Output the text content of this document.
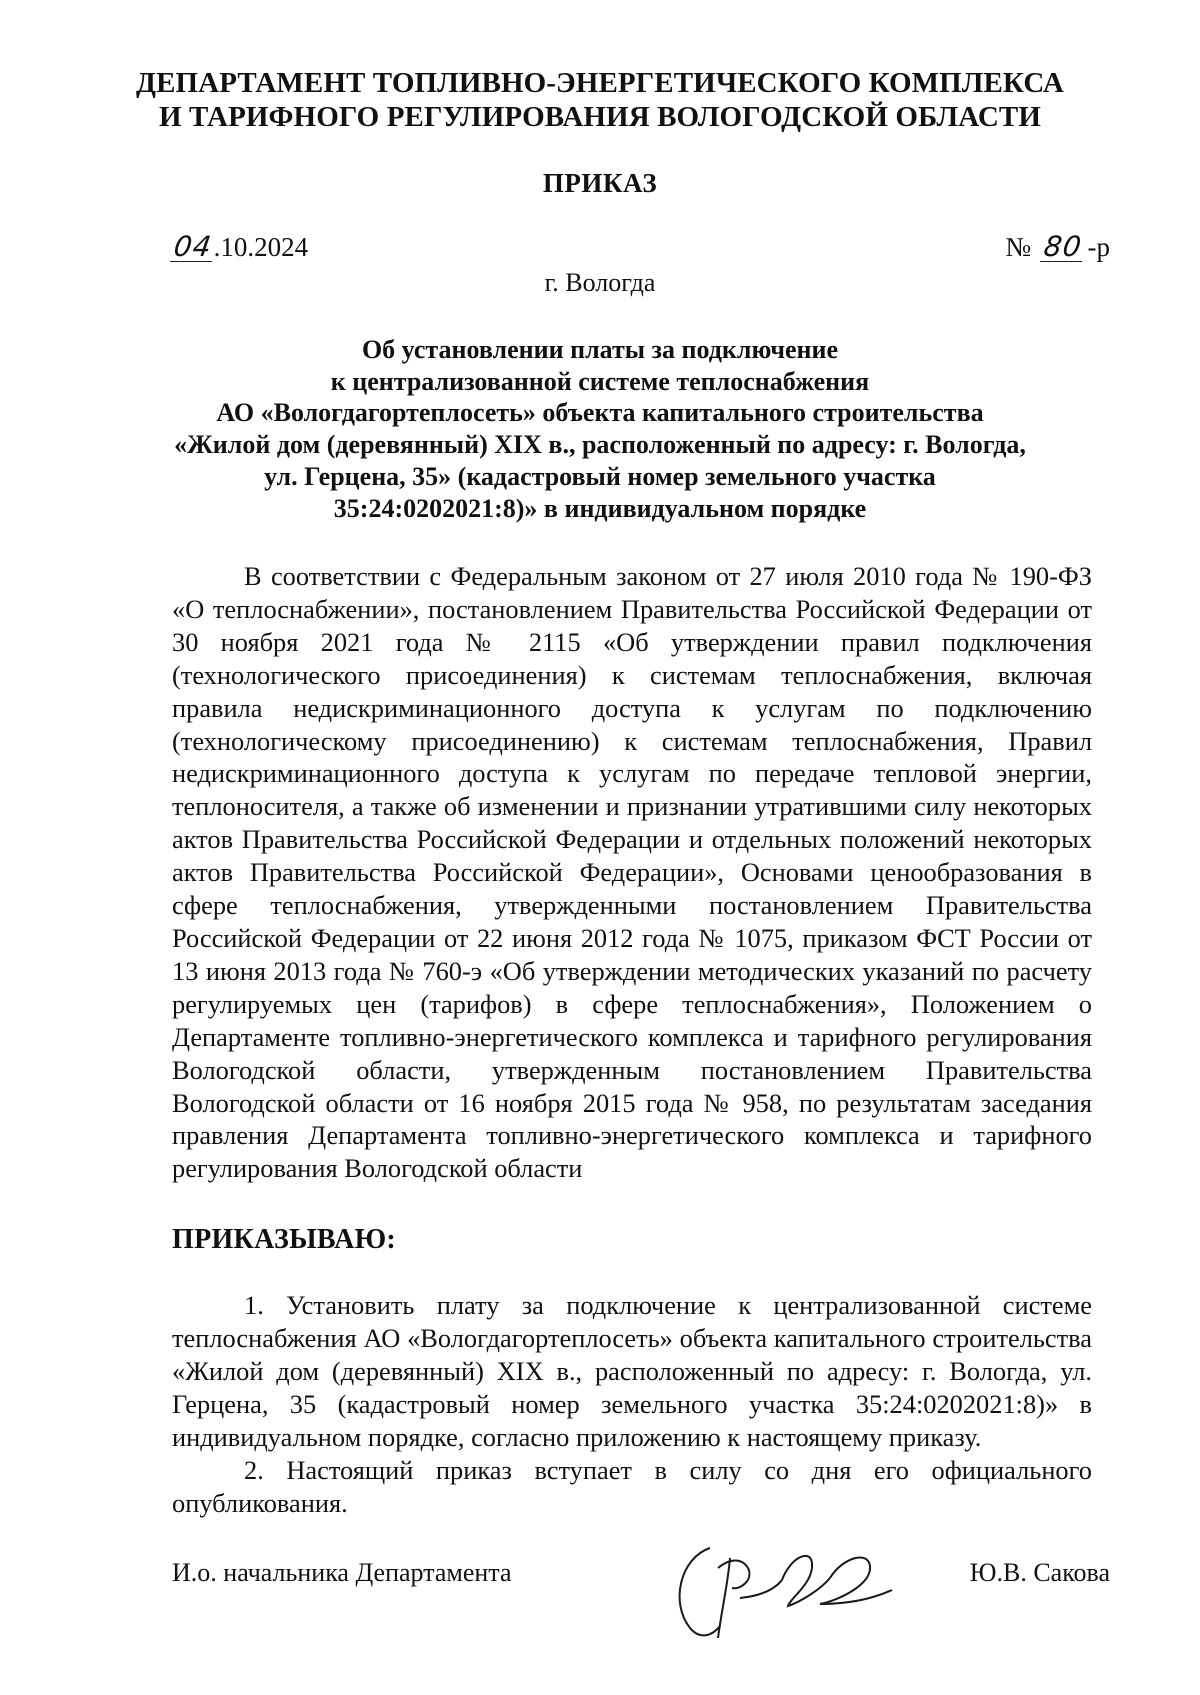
ДЕПАРТАМЕНТ ТОПЛИВНО-ЭНЕРГЕТИЧЕСКОГО КОМПЛЕКСА
И ТАРИФНОГО РЕГУЛИРОВАНИЯ ВОЛОГОДСКОЙ ОБЛАСТИ
ПРИКАЗ
04.10.2024	№ 80 -р
г. Вологда
Об установлении платы за подключение
к централизованной системе теплоснабжения
АО «Вологдагортеплосеть» объекта капитального строительства
«Жилой дом (деревянный) XIX в., расположенный по адресу: г. Вологда,
ул. Герцена, 35» (кадастровый номер земельного участка
35:24:0202021:8)» в индивидуальном порядке
В соответствии с Федеральным законом от 27 июля 2010 года № 190-ФЗ «О теплоснабжении», постановлением Правительства Российской Федерации от 30 ноября 2021 года № 2115 «Об утверждении правил подключения (технологического присоединения) к системам теплоснабжения, включая правила недискриминационного доступа к услугам по подключению (технологическому присоединению) к системам теплоснабжения, Правил недискриминационного доступа к услугам по передаче тепловой энергии, теплоносителя, а также об изменении и признании утратившими силу некоторых актов Правительства Российской Федерации и отдельных положений некоторых актов Правительства Российской Федерации», Основами ценообразования в сфере теплоснабжения, утвержденными постановлением Правительства Российской Федерации от 22 июня 2012 года № 1075, приказом ФСТ России от 13 июня 2013 года № 760-э «Об утверждении методических указаний по расчету регулируемых цен (тарифов) в сфере теплоснабжения», Положением о Департаменте топливно-энергетического комплекса и тарифного регулирования Вологодской области, утвержденным постановлением Правительства Вологодской области от 16 ноября 2015 года № 958, по результатам заседания правления Департамента топливно-энергетического комплекса и тарифного регулирования Вологодской области
ПРИКАЗЫВАЮ:
1. Установить плату за подключение к централизованной системе теплоснабжения АО «Вологдагортеплосеть» объекта капитального строительства «Жилой дом (деревянный) XIX в., расположенный по адресу: г. Вологда, ул. Герцена, 35 (кадастровый номер земельного участка 35:24:0202021:8)» в индивидуальном порядке, согласно приложению к настоящему приказу.
2. Настоящий приказ вступает в силу со дня его официального опубликования.
И.о. начальника Департамента	Ю.В. Сакова
